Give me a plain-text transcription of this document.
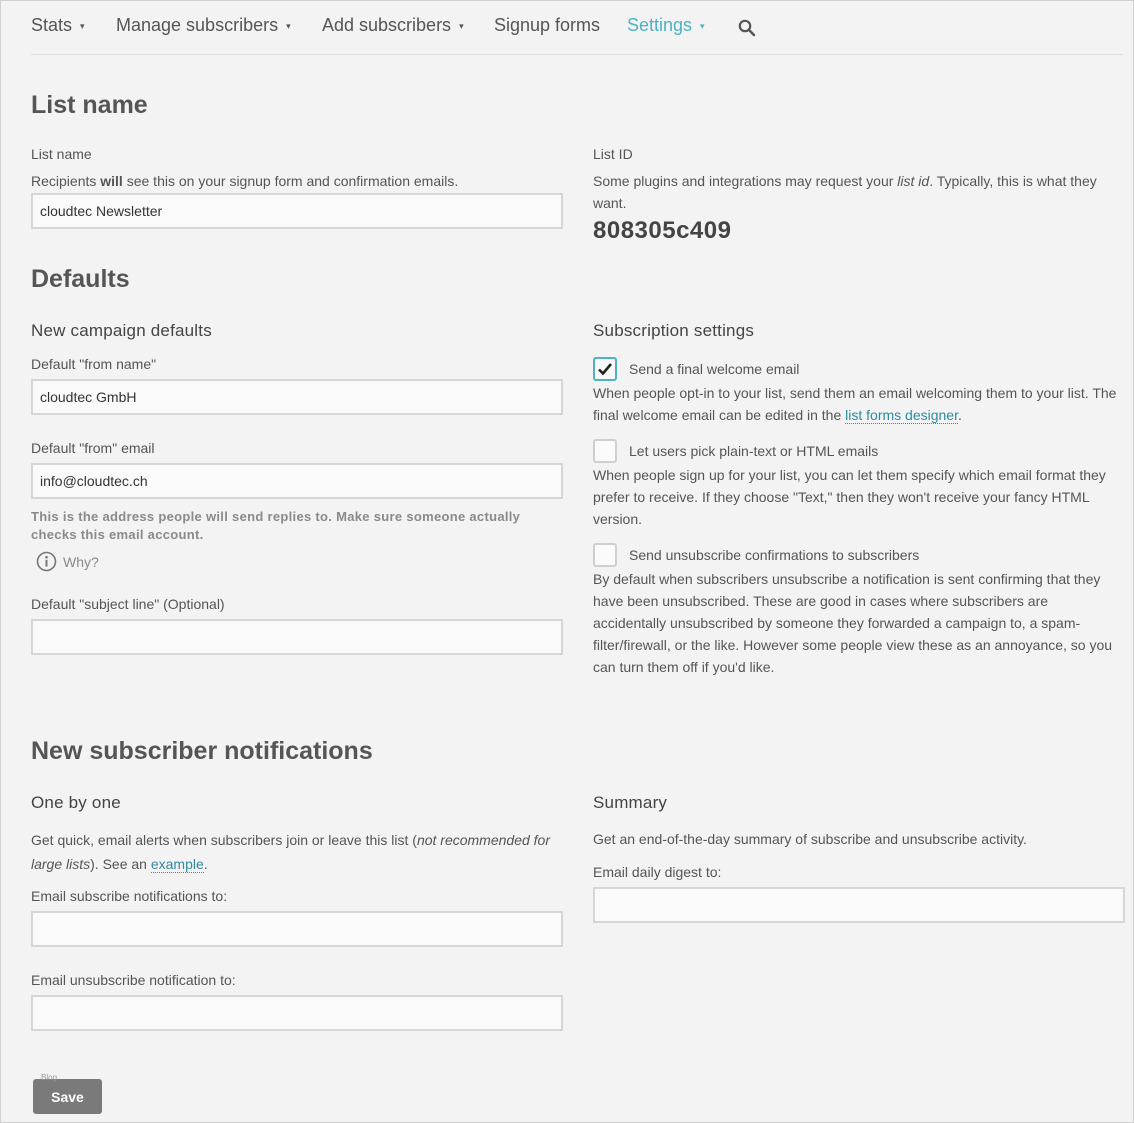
Stats ▾ Manage subscribers ▾ Add subscribers ▾ Signup forms Settings ▾
List name
List name
Recipients will see this on your signup form and confirmation emails.
cloudtec Newsletter
List ID
Some plugins and integrations may request your list id. Typically, this is what they want.
808305c409
Defaults
New campaign defaults
Default "from name"
cloudtec GmbH
Default "from" email
info@cloudtec.ch
This is the address people will send replies to. Make sure someone actually checks this email account.
Why?
Default "subject line" (Optional)
Subscription settings
Send a final welcome email
When people opt-in to your list, send them an email welcoming them to your list. The final welcome email can be edited in the list forms designer.
Let users pick plain-text or HTML emails
When people sign up for your list, you can let them specify which email format they prefer to receive. If they choose "Text," then they won't receive your fancy HTML version.
Send unsubscribe confirmations to subscribers
By default when subscribers unsubscribe a notification is sent confirming that they have been unsubscribed. These are good in cases where subscribers are accidentally unsubscribed by someone they forwarded a campaign to, a spam-filter/firewall, or the like. However some people view these as an annoyance, so you can turn them off if you'd like.
New subscriber notifications
One by one
Get quick, email alerts when subscribers join or leave this list (not recommended for large lists). See an example.
Email subscribe notifications to:
Email unsubscribe notification to:
Summary
Get an end-of-the-day summary of subscribe and unsubscribe activity.
Email daily digest to:
Save
Blog
